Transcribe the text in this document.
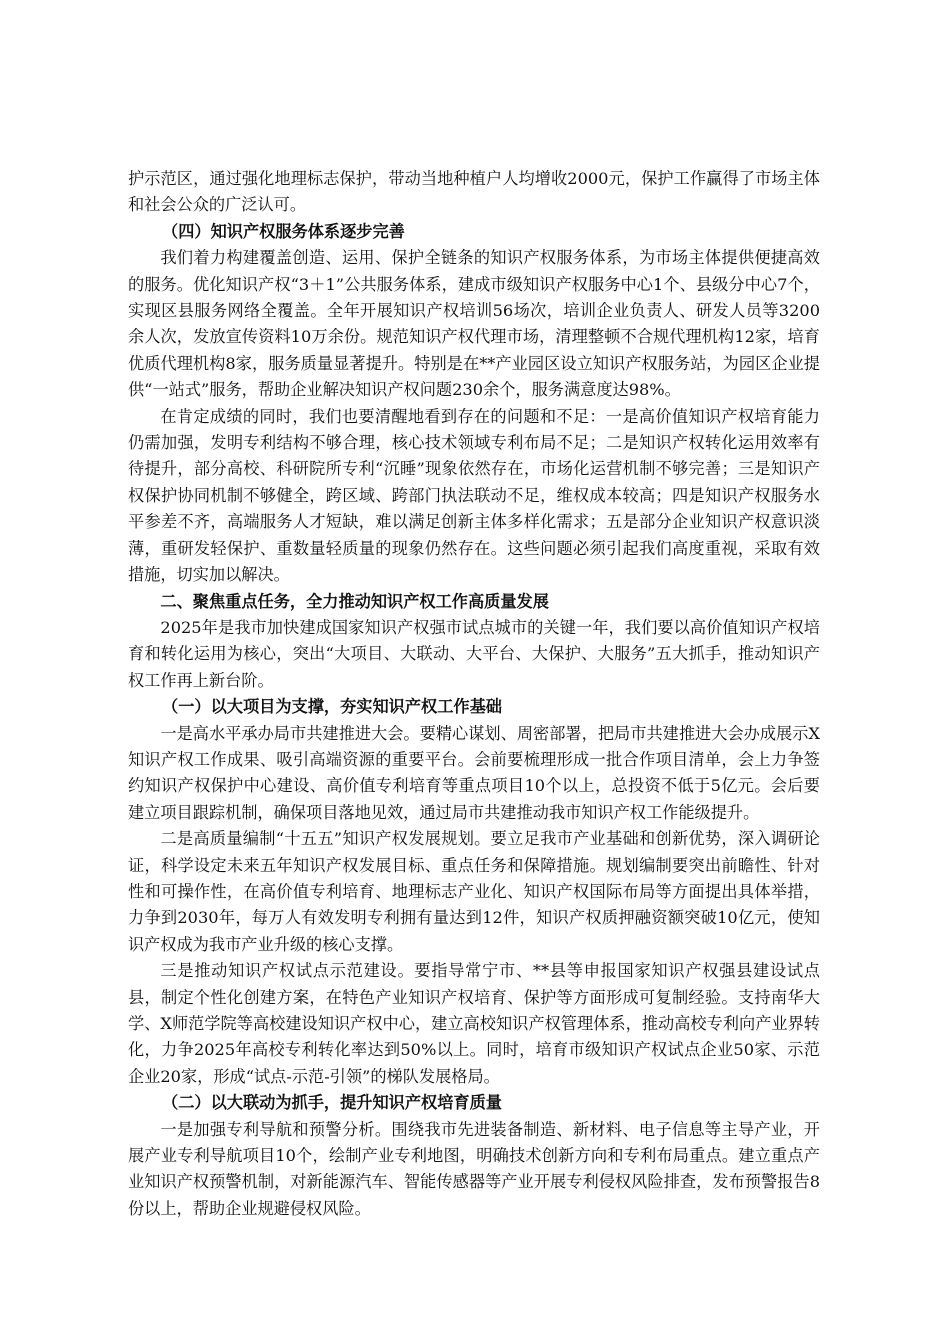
护示范区，通过强化地理标志保护，带动当地种植户人均增收2000元，保护工作赢得了市场主体和社会公众的广泛认可。

（四）知识产权服务体系逐步完善

我们着力构建覆盖创造、运用、保护全链条的知识产权服务体系，为市场主体提供便捷高效的服务。优化知识产权“3＋1”公共服务体系，建成市级知识产权服务中心1个、县级分中心7个，实现区县服务网络全覆盖。全年开展知识产权培训56场次，培训企业负责人、研发人员等3200余人次，发放宣传资料10万余份。规范知识产权代理市场，清理整顿不合规代理机构12家，培育优质代理机构8家，服务质量显著提升。特别是在**产业园区设立知识产权服务站，为园区企业提供“一站式”服务，帮助企业解决知识产权问题230余个，服务满意度达98%。

在肯定成绩的同时，我们也要清醒地看到存在的问题和不足：一是高价值知识产权培育能力仍需加强，发明专利结构不够合理，核心技术领域专利布局不足；二是知识产权转化运用效率有待提升，部分高校、科研院所专利“沉睡”现象依然存在，市场化运营机制不够完善；三是知识产权保护协同机制不够健全，跨区域、跨部门执法联动不足，维权成本较高；四是知识产权服务水平参差不齐，高端服务人才短缺，难以满足创新主体多样化需求；五是部分企业知识产权意识淡薄，重研发轻保护、重数量轻质量的现象仍然存在。这些问题必须引起我们高度重视，采取有效措施，切实加以解决。

二、聚焦重点任务，全力推动知识产权工作高质量发展

2025年是我市加快建成国家知识产权强市试点城市的关键一年，我们要以高价值知识产权培育和转化运用为核心，突出“大项目、大联动、大平台、大保护、大服务”五大抓手，推动知识产权工作再上新台阶。

（一）以大项目为支撑，夯实知识产权工作基础

一是高水平承办局市共建推进大会。要精心谋划、周密部署，把局市共建推进大会办成展示X知识产权工作成果、吸引高端资源的重要平台。会前要梳理形成一批合作项目清单，会上力争签约知识产权保护中心建设、高价值专利培育等重点项目10个以上，总投资不低于5亿元。会后要建立项目跟踪机制，确保项目落地见效，通过局市共建推动我市知识产权工作能级提升。

二是高质量编制“十五五”知识产权发展规划。要立足我市产业基础和创新优势，深入调研论证，科学设定未来五年知识产权发展目标、重点任务和保障措施。规划编制要突出前瞻性、针对性和可操作性，在高价值专利培育、地理标志产业化、知识产权国际布局等方面提出具体举措，力争到2030年，每万人有效发明专利拥有量达到12件，知识产权质押融资额突破10亿元，使知识产权成为我市产业升级的核心支撑。

三是推动知识产权试点示范建设。要指导常宁市、**县等申报国家知识产权强县建设试点县，制定个性化创建方案，在特色产业知识产权培育、保护等方面形成可复制经验。支持南华大学、X师范学院等高校建设知识产权中心，建立高校知识产权管理体系，推动高校专利向产业界转化，力争2025年高校专利转化率达到50%以上。同时，培育市级知识产权试点企业50家、示范企业20家，形成“试点-示范-引领”的梯队发展格局。

（二）以大联动为抓手，提升知识产权培育质量

一是加强专利导航和预警分析。围绕我市先进装备制造、新材料、电子信息等主导产业，开展产业专利导航项目10个，绘制产业专利地图，明确技术创新方向和专利布局重点。建立重点产业知识产权预警机制，对新能源汽车、智能传感器等产业开展专利侵权风险排查，发布预警报告8份以上，帮助企业规避侵权风险。
